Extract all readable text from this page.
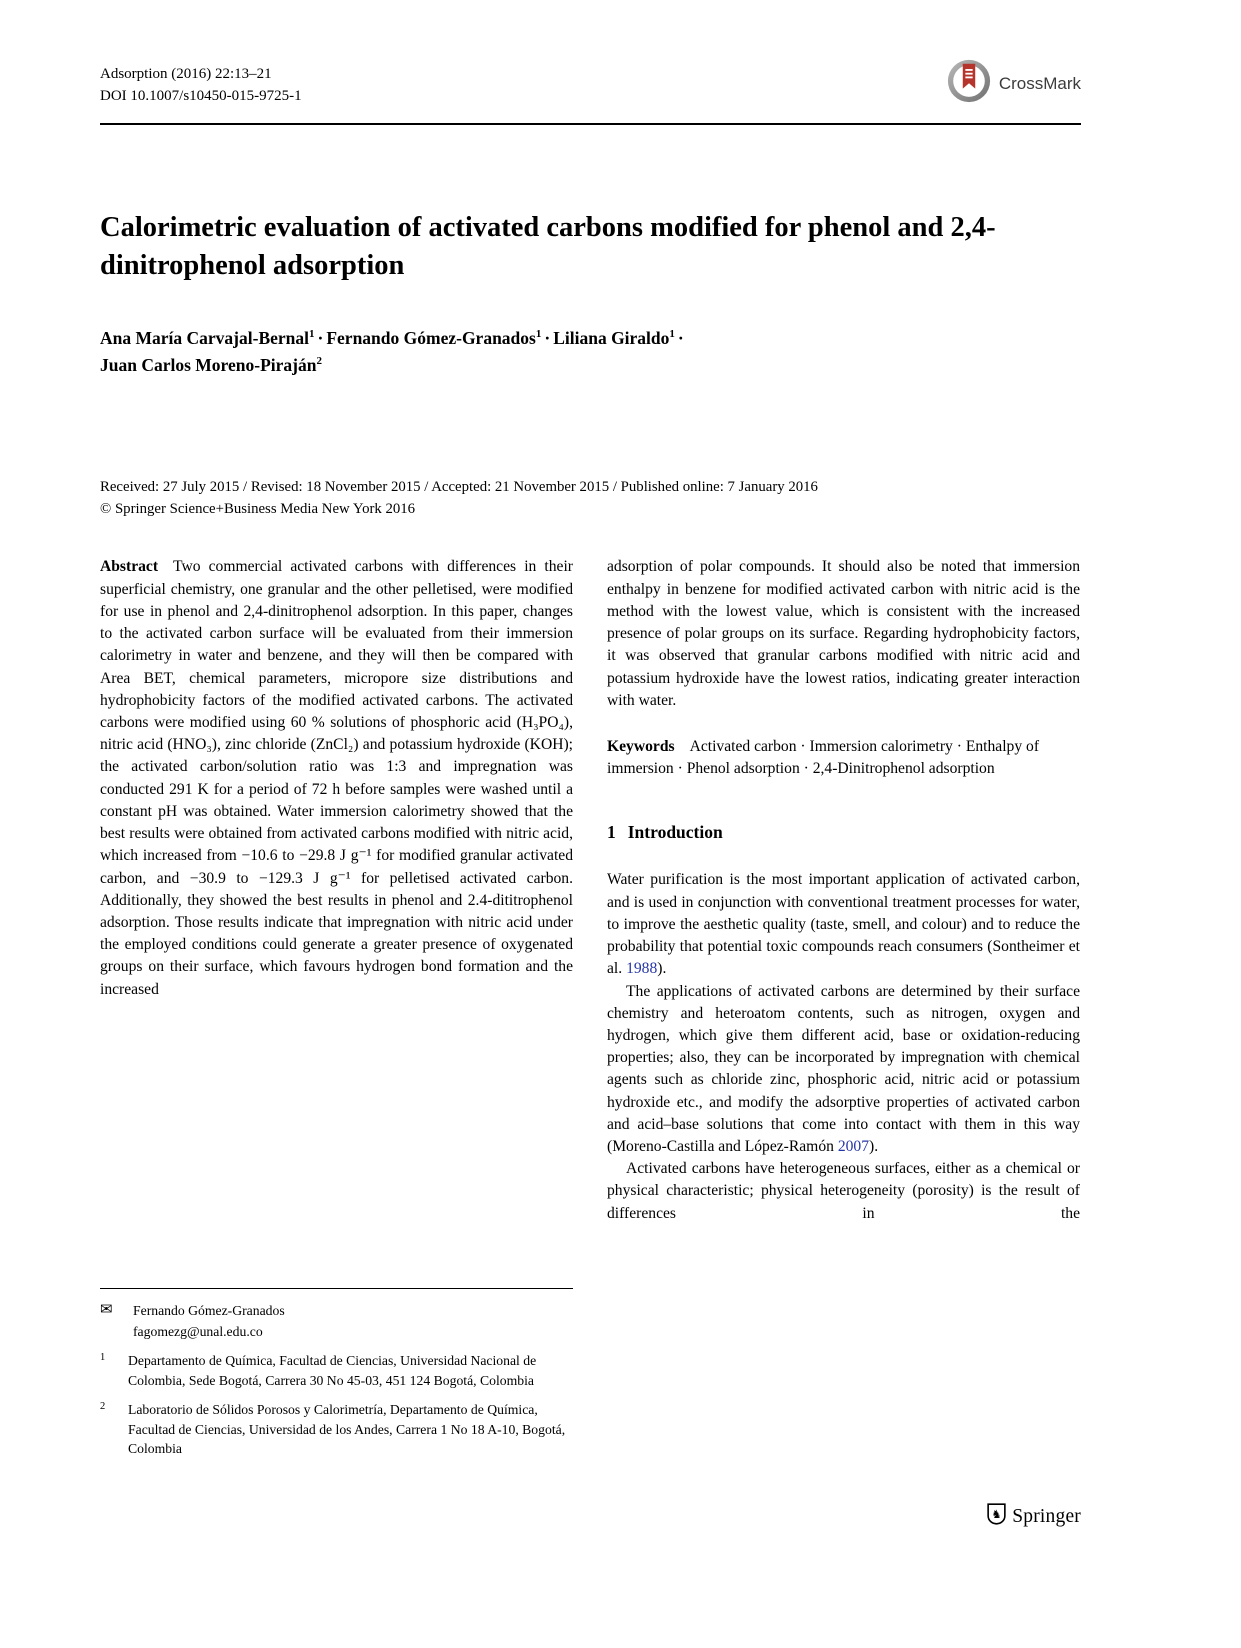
Adsorption (2016) 22:13–21
DOI 10.1007/s10450-015-9725-1
CrossMark
Calorimetric evaluation of activated carbons modified for phenol and 2,4-dinitrophenol adsorption

Ana María Carvajal-Bernal$^1$ · Fernando Gómez-Granados$^1$ · Liliana Giraldo$^1$ ·
Juan Carlos Moreno-Piraján$^2$

Received: 27 July 2015 / Revised: 18 November 2015 / Accepted: 21 November 2015 / Published online: 7 January 2016

© Springer Science+Business Media New York 2016

Abstract Two commercial activated carbons with differences in their superficial chemistry, one granular and the other pelletised, were modified for use in phenol and 2,4-dinitrophenol adsorption. In this paper, changes to the activated carbon surface will be evaluated from their immersion calorimetry in water and benzene, and they will then be compared with Area BET, chemical parameters, micropore size distributions and hydrophobicity factors of the modified activated carbons. The activated carbons were modified using 60 % solutions of phosphoric acid (H₃PO₄), nitric acid (HNO₃), zinc chloride (ZnCl₂) and potassium hydroxide (KOH); the activated carbon/solution ratio was 1:3 and impregnation was conducted 291 K for a period of 72 h before samples were washed until a constant pH was obtained. Water immersion calorimetry showed that the best results were obtained from activated carbons modified with nitric acid, which increased from −10.6 to −29.8 J g⁻¹ for modified granular activated carbon, and −30.9 to −129.3 J g⁻¹ for pelletised activated carbon. Additionally, they showed the best results in phenol and 2.4-dititrophenol adsorption. Those results indicate that impregnation with nitric acid under the employed conditions could generate a greater presence of oxygenated groups on their surface, which favours hydrogen bond formation and the increased

✉	Fernando Gómez-Granados
fagomezg@unal.edu.co
$^1$	Departamento de Química, Facultad de Ciencias, Universidad Nacional de Colombia, Sede Bogotá, Carrera 30 No 45-03, 451 124 Bogotá, Colombia
$^2$	Laboratorio de Sólidos Porosos y Calorimetría, Departamento de Química, Facultad de Ciencias, Universidad de los Andes, Carrera 1 No 18 A-10, Bogotá, Colombia

adsorption of polar compounds. It should also be noted that immersion enthalpy in benzene for modified activated carbon with nitric acid is the method with the lowest value, which is consistent with the increased presence of polar groups on its surface. Regarding hydrophobicity factors, it was observed that granular carbons modified with nitric acid and potassium hydroxide have the lowest ratios, indicating greater interaction with water.

Keywords Activated carbon · Immersion calorimetry · Enthalpy of immersion · Phenol adsorption · 2,4-Dinitrophenol adsorption

1 Introduction

Water purification is the most important application of activated carbon, and is used in conjunction with conventional treatment processes for water, to improve the aesthetic quality (taste, smell, and colour) and to reduce the probability that potential toxic compounds reach consumers (Sontheimer et al. 1988).

The applications of activated carbons are determined by their surface chemistry and heteroatom contents, such as nitrogen, oxygen and hydrogen, which give them different acid, base or oxidation-reducing properties; also, they can be incorporated by impregnation with chemical agents such as chloride zinc, phosphoric acid, nitric acid or potassium hydroxide etc., and modify the adsorptive properties of activated carbon and acid–base solutions that come into contact with them in this way (Moreno-Castilla and López-Ramón 2007).

Activated carbons have heterogeneous surfaces, either as a chemical or physical characteristic; physical heterogeneity (porosity) is the result of differences in the

♞ Springer
